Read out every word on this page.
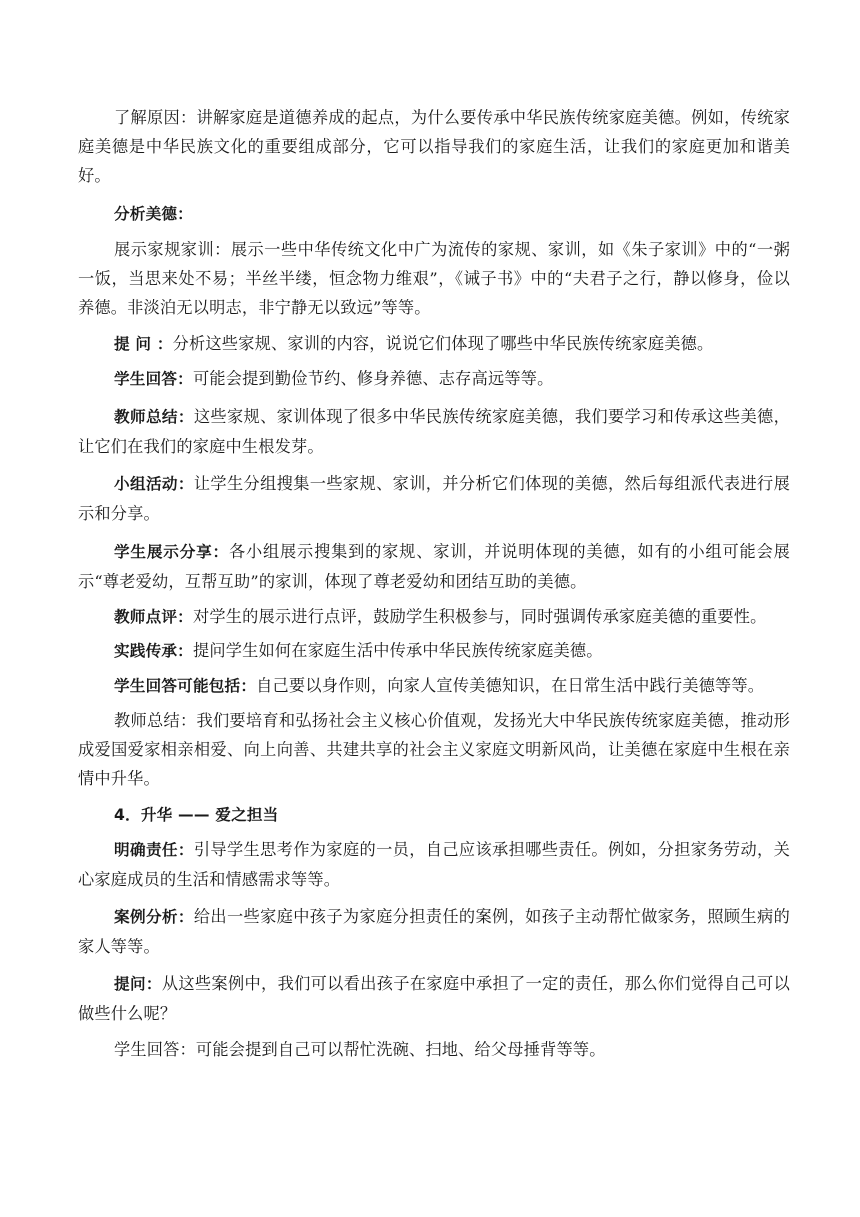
了解原因：讲解家庭是道德养成的起点，为什么要传承中华民族传统家庭美德。例如，传统家庭美德是中华民族文化的重要组成部分，它可以指导我们的家庭生活，让我们的家庭更加和谐美好。

分析美德：

展示家规家训：展示一些中华传统文化中广为流传的家规、家训，如《朱子家训》中的“一粥一饭，当思来处不易；半丝半缕，恒念物力维艰”，《诫子书》中的“夫君子之行，静以修身，俭以养德。非淡泊无以明志，非宁静无以致远”等等。

提 问 ：分析这些家规、家训的内容，说说它们体现了哪些中华民族传统家庭美德。

学生回答：可能会提到勤俭节约、修身养德、志存高远等等。

教师总结：这些家规、家训体现了很多中华民族传统家庭美德，我们要学习和传承这些美德，让它们在我们的家庭中生根发芽。

小组活动：让学生分组搜集一些家规、家训，并分析它们体现的美德，然后每组派代表进行展示和分享。

学生展示分享：各小组展示搜集到的家规、家训，并说明体现的美德，如有的小组可能会展示“尊老爱幼，互帮互助”的家训，体现了尊老爱幼和团结互助的美德。

教师点评：对学生的展示进行点评，鼓励学生积极参与，同时强调传承家庭美德的重要性。

实践传承：提问学生如何在家庭生活中传承中华民族传统家庭美德。

学生回答可能包括：自己要以身作则，向家人宣传美德知识，在日常生活中践行美德等等。

教师总结：我们要培育和弘扬社会主义核心价值观，发扬光大中华民族传统家庭美德，推动形成爱国爱家相亲相爱、向上向善、共建共享的社会主义家庭文明新风尚，让美德在家庭中生根在亲情中升华。

4．升华 —— 爱之担当

明确责任：引导学生思考作为家庭的一员，自己应该承担哪些责任。例如，分担家务劳动，关心家庭成员的生活和情感需求等等。

案例分析：给出一些家庭中孩子为家庭分担责任的案例，如孩子主动帮忙做家务，照顾生病的家人等等。

提问：从这些案例中，我们可以看出孩子在家庭中承担了一定的责任，那么你们觉得自己可以做些什么呢？

学生回答：可能会提到自己可以帮忙洗碗、扫地、给父母捶背等等。
